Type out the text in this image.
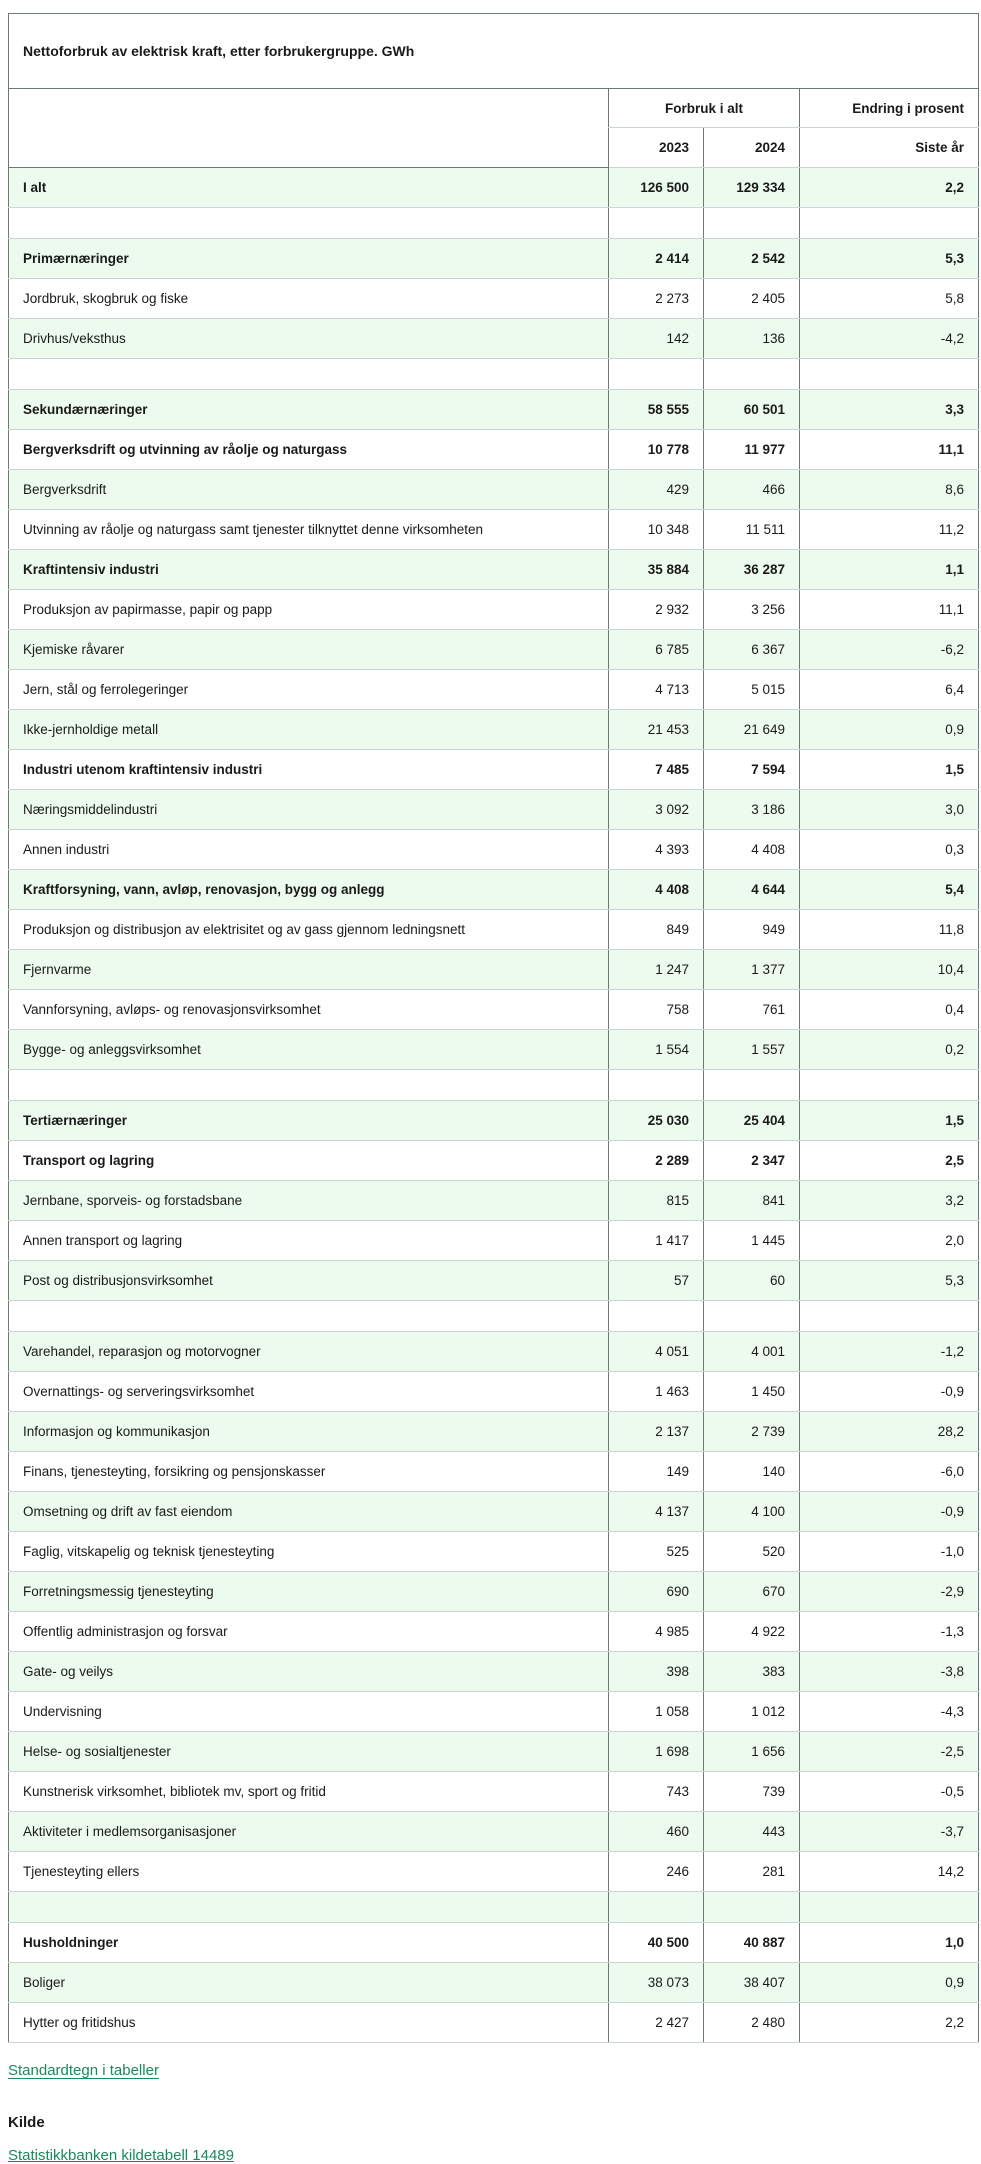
Nettoforbruk av elektrisk kraft, etter forbrukergruppe. GWh
	Forbruk i alt		Endring i prosent
	2023	2024	Siste år
I alt	126 500	129 334	2,2

Primærnæringer	2 414	2 542	5,3
Jordbruk, skogbruk og fiske	2 273	2 405	5,8
Drivhus/veksthus	142	136	-4,2

Sekundærnæringer	58 555	60 501	3,3
Bergverksdrift og utvinning av råolje og naturgass	10 778	11 977	11,1
Bergverksdrift	429	466	8,6
Utvinning av råolje og naturgass samt tjenester tilknyttet denne virksomheten	10 348	11 511	11,2
Kraftintensiv industri	35 884	36 287	1,1
Produksjon av papirmasse, papir og papp	2 932	3 256	11,1
Kjemiske råvarer	6 785	6 367	-6,2
Jern, stål og ferrolegeringer	4 713	5 015	6,4
Ikke-jernholdige metall	21 453	21 649	0,9
Industri utenom kraftintensiv industri	7 485	7 594	1,5
Næringsmiddelindustri	3 092	3 186	3,0
Annen industri	4 393	4 408	0,3
Kraftforsyning, vann, avløp, renovasjon, bygg og anlegg	4 408	4 644	5,4
Produksjon og distribusjon av elektrisitet og av gass gjennom ledningsnett	849	949	11,8
Fjernvarme	1 247	1 377	10,4
Vannforsyning, avløps- og renovasjonsvirksomhet	758	761	0,4
Bygge- og anleggsvirksomhet	1 554	1 557	0,2

Tertiærnæringer	25 030	25 404	1,5
Transport og lagring	2 289	2 347	2,5
Jernbane, sporveis- og forstadsbane	815	841	3,2
Annen transport og lagring	1 417	1 445	2,0
Post og distribusjonsvirksomhet	57	60	5,3

Varehandel, reparasjon og motorvogner	4 051	4 001	-1,2
Overnattings- og serveringsvirksomhet	1 463	1 450	-0,9
Informasjon og kommunikasjon	2 137	2 739	28,2
Finans, tjenesteyting, forsikring og pensjonskasser	149	140	-6,0
Omsetning og drift av fast eiendom	4 137	4 100	-0,9
Faglig, vitskapelig og teknisk tjenesteyting	525	520	-1,0
Forretningsmessig tjenesteyting	690	670	-2,9
Offentlig administrasjon og forsvar	4 985	4 922	-1,3
Gate- og veilys	398	383	-3,8
Undervisning	1 058	1 012	-4,3
Helse- og sosialtjenester	1 698	1 656	-2,5
Kunstnerisk virksomhet, bibliotek mv, sport og fritid	743	739	-0,5
Aktiviteter i medlemsorganisasjoner	460	443	-3,7
Tjenesteyting ellers	246	281	14,2

Husholdninger	40 500	40 887	1,0
Boliger	38 073	38 407	0,9
Hytter og fritidshus	2 427	2 480	2,2
Standardtegn i tabeller
Kilde
Statistikkbanken kildetabell 14489
